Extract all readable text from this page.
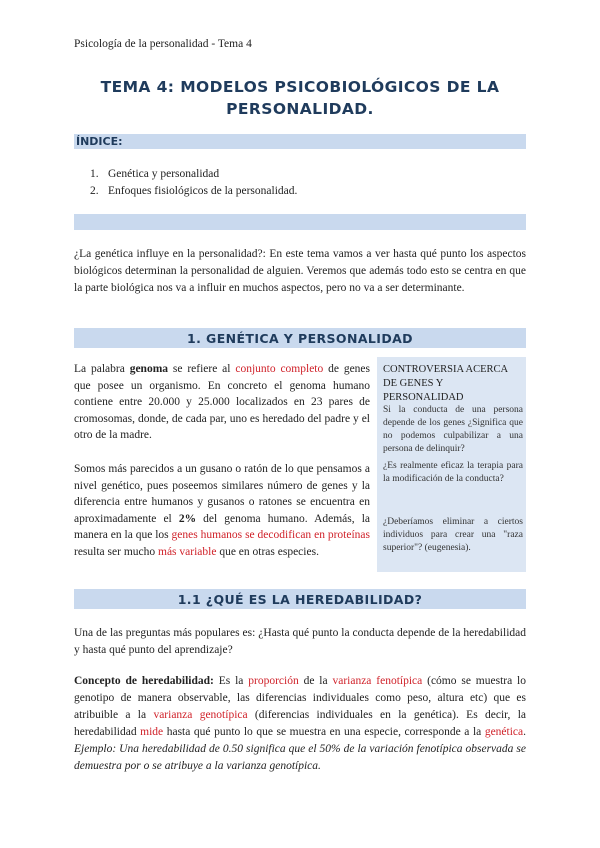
Psicología de la personalidad - Tema 4
TEMA 4: MODELOS PSICOBIOLÓGICOS DE LA
PERSONALIDAD.
ÍNDICE:
1. Genética y personalidad
2. Enfoques fisiológicos de la personalidad.
¿La genética influye en la personalidad?: En este tema vamos a ver hasta qué punto los aspectos biológicos determinan la personalidad de alguien. Veremos que además todo esto se centra en que la parte biológica nos va a influir en muchos aspectos, pero no va a ser determinante.
1. GENÉTICA Y PERSONALIDAD
La palabra genoma se refiere al conjunto completo de genes que posee un organismo. En concreto el genoma humano contiene entre 20.000 y 25.000 localizados en 23 pares de cromosomas, donde, de cada par, uno es heredado del padre y el otro de la madre.
Somos más parecidos a un gusano o ratón de lo que pensamos a nivel genético, pues poseemos similares número de genes y la diferencia entre humanos y gusanos o ratones se encuentra en aproximadamente el 2% del genoma humano. Además, la manera en la que los genes humanos se decodifican en proteínas resulta ser mucho más variable que en otras especies.
CONTROVERSIA ACERCA DE GENES Y PERSONALIDAD
Si la conducta de una persona depende de los genes ¿Significa que no podemos culpabilizar a una persona de delinquir?
¿Es realmente eficaz la terapia para la modificación de la conducta?
¿Deberíamos eliminar a ciertos individuos para crear una "raza superior"? (eugenesia).
1.1 ¿QUÉ ES LA HEREDABILIDAD?
Una de las preguntas más populares es: ¿Hasta qué punto la conducta depende de la heredabilidad y hasta qué punto del aprendizaje?
Concepto de heredabilidad: Es la proporción de la varianza fenotípica (cómo se muestra lo genotipo de manera observable, las diferencias individuales como peso, altura etc) que es atribuible a la varianza genotípica (diferencias individuales en la genética). Es decir, la heredabilidad mide hasta qué punto lo que se muestra en una especie, corresponde a la genética. Ejemplo: Una heredabilidad de 0.50 significa que el 50% de la variación fenotípica observada se demuestra por o se atribuye a la varianza genotípica.
